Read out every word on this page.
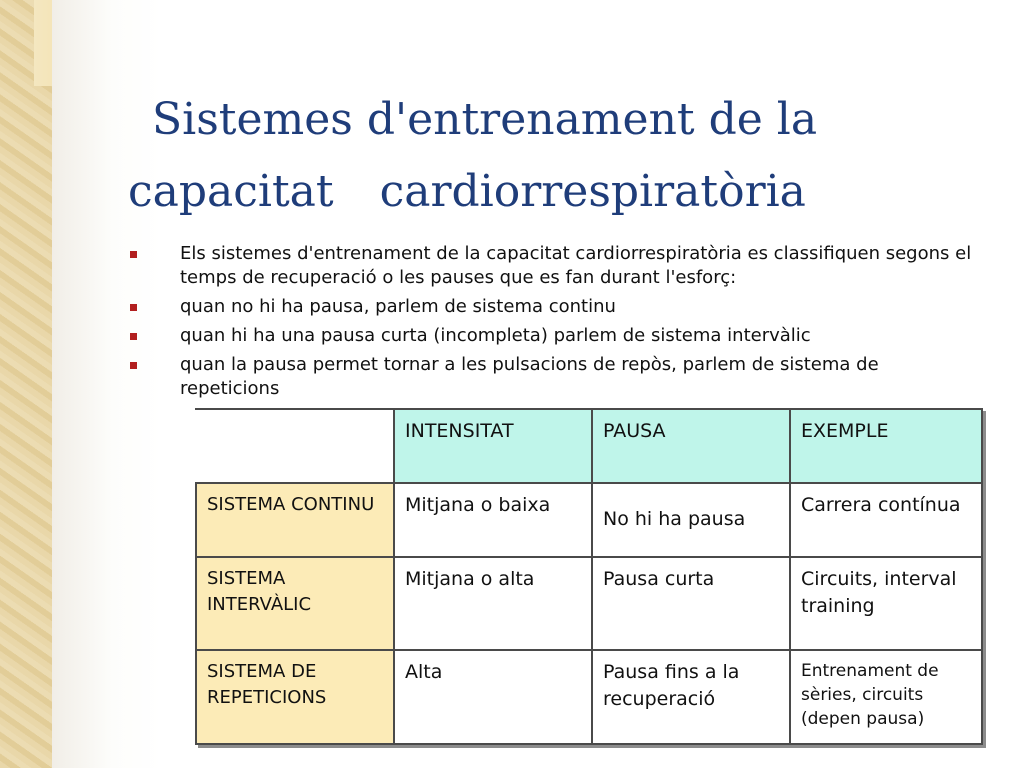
Sistemes d'entrenament de la
capacitat cardiorrespiratòria
Els sistemes d'entrenament de la capacitat cardiorrespiratòria es classifiquen segons el temps de recuperació o les pauses que es fan durant l'esforç:
quan no hi ha pausa, parlem de sistema continu
quan hi ha una pausa curta (incompleta) parlem de sistema intervàlic
quan la pausa permet tornar a les pulsacions de repòs, parlem de sistema de repeticions
	INTENSITAT	PAUSA	EXEMPLE
SISTEMA CONTINU	Mitjana o baixa	No hi ha pausa	Carrera contínua
SISTEMA INTERVÀLIC	Mitjana o alta	Pausa curta	Circuits, interval training
SISTEMA DE REPETICIONS	Alta	Pausa fins a la recuperació	Entrenament de sèries, circuits (depen pausa)
